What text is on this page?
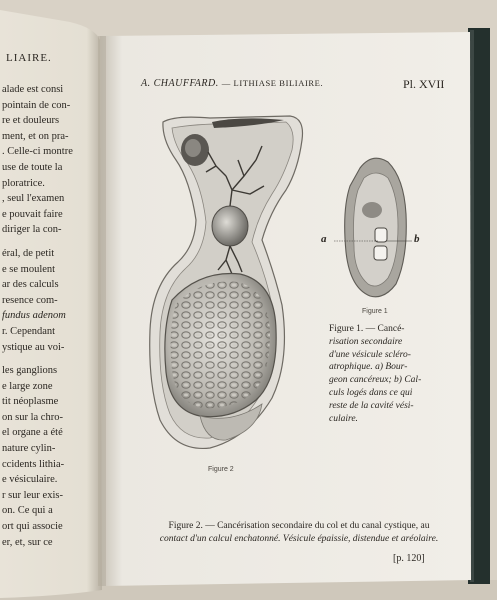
LIAIRE.
alade est consi
pointain de con-
re et douleurs
ment, et on pra-
. Celle-ci montre
use de toute la
ploratrice.
, seul l'examen
e pouvait faire
diriger la con-
éral, de petit
e se moulent
ar des calculs
resence com-
fundus adenom
r. Cependant
ystique au voi-
les ganglions
e large zone
tit néoplasme
on sur la chro-
el organe a été
nature cylin-
ccidents lithia-
e vésiculaire.
r sur leur exis-
on. Ce qui a
ort qui associe
er, et, sur ce
A. CHAUFFARD. — LITHIASE BILIAIRE.	Pl. XVII
a	b
Figure 1
Figure 2
Figure 1. — Cancé-
risation secondaire
d'une vésicule scléro-
atrophique. a) Bour-
geon cancéreux; b) Cal-
culs logés dans ce qui
reste de la cavité vési-
culaire.
Figure 2. — Cancérisation secondaire du col et du canal cystique, au
contact d'un calcul enchatonné. Vésicule épaissie, distendue et aréolaire.
[p. 120]
